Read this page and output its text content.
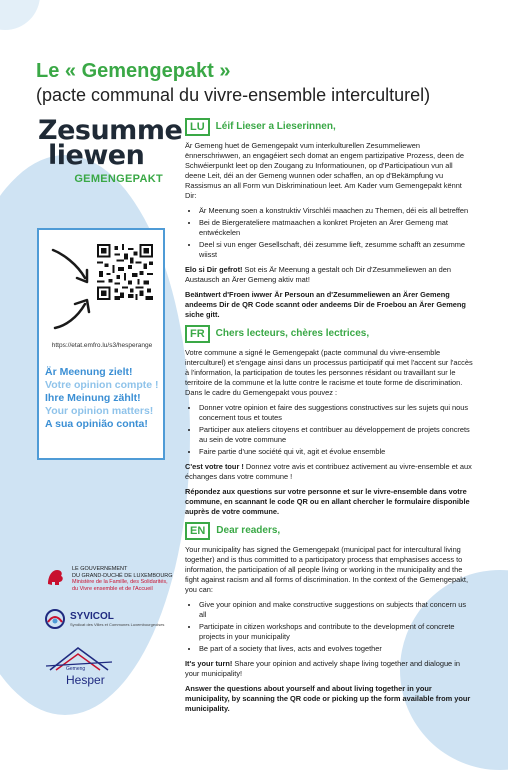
Le « Gemengepakt »
(pacte communal du vivre-ensemble interculturel)
Zesumme
liewen
GEMENGEPAKT
https://etat.emfro.lu/s3/hesperange
Är Meenung zielt!
Votre opinion compte !
Ihre Meinung zählt!
Your opinion matters!
A sua opinião conta!
LE GOUVERNEMENT
DU GRAND-DUCHÉ DE LUXEMBOURG
Ministère de la Famille, des Solidarités,
du Vivre ensemble et de l'Accueil
SYVICOL
Syndicat des Villes et Communes Luxembourgeoises
Gemeng
Hesper
LU	Léif Lieser a Lieserinnen,

Är Gemeng huet de Gemengepakt vum interkulturellen Zesummeliewen ënnerschriwwen, an engagéiert sech domat an engem partizipative Prozess, deen de Schwéierpunkt leet op den Zougang zu Informatiounen, op d'Participatioun vun all deene Leit, déi an der Gemeng wunnen oder schaffen, an op d'Bekämpfung vu Rassismus an all Form vun Diskriminatioun leet. Am Kader vum Gemengepakt kënnt Dir:

• Är Meenung soen a konstruktiv Virschléi maachen zu Themen, déi eis all betreffen
• Bei de Biergerateliere matmaachen a konkret Projeten an Ärer Gemeng mat entwéckelen
• Deel si vun enger Gesellschaft, déi zesumme lieft, zesumme schafft an zesumme wiisst

Elo si Dir gefrot! Sot eis Är Meenung a gestalt och Dir d'Zesummeliewen an den Austausch an Ärer Gemeng aktiv mat!

Beäntwert d'Froen iwwer Är Persoun an d'Zesummeliewen an Ärer Gemeng andeems Dir de QR Code scannt oder andeems Dir de Froebou an Ärer Gemeng siche gitt.

FR	Chers lecteurs, chères lectrices,

Votre commune a signé le Gemengepakt (pacte communal du vivre-ensemble interculturel) et s'engage ainsi dans un processus participatif qui met l'accent sur l'accès à l'information, la participation de toutes les personnes résidant ou travaillant sur le territoire de la commune et la lutte contre le racisme et toute forme de discrimination. Dans le cadre du Gemengepakt vous pouvez :

• Donner votre opinion et faire des suggestions constructives sur les sujets qui nous concernent tous et toutes
• Participer aux ateliers citoyens et contribuer au développement de projets concrets au sein de votre commune
• Faire partie d'une société qui vit, agit et évolue ensemble

C'est votre tour ! Donnez votre avis et contribuez activement au vivre-ensemble et aux échanges dans votre commune !

Répondez aux questions sur votre personne et sur le vivre-ensemble dans votre commune, en scannant le code QR ou en allant chercher le formulaire disponible auprès de votre commune.

EN	Dear readers,

Your municipality has signed the Gemengepakt (municipal pact for intercultural living together) and is thus committed to a participatory process that emphasises access to information, the participation of all people living or working in the municipality and the fight against racism and all forms of discrimination. In the context of the Gemengepakt, you can:

• Give your opinion and make constructive suggestions on subjects that concern us all
• Participate in citizen workshops and contribute to the development of concrete projects in your municipality
• Be part of a society that lives, acts and evolves together

It's your turn! Share your opinion and actively shape living together and dialogue in your municipality!

Answer the questions about yourself and about living together in your municipality, by scanning the QR code or picking up the form available from your municipality.
